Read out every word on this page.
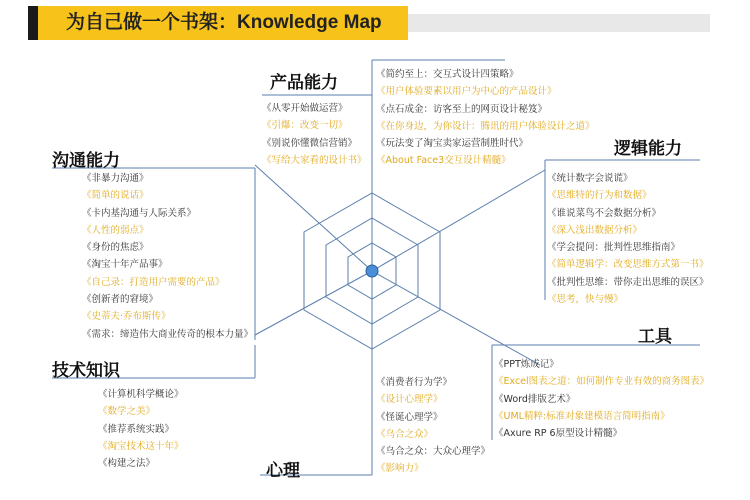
为自己做一个书架：Knowledge Map
产品能力
《从零开始做运营》
《引爆：改变一切》
《别说你懂微信营销》
《写给大家看的设计书》
《简约至上：交互式设计四策略》
《用户体验要素以用户为中心的产品设计》
《点石成金：访客至上的网页设计秘笈》
《在你身边，为你设计：腾讯的用户体验设计之道》
《玩法变了淘宝卖家运营制胜时代》
《About Face3交互设计精髓》
逻辑能力
《统计数字会说谎》
《思维特的行为和数据》
《谁说菜鸟不会数据分析》
《深入浅出数据分析》
《学会提问：批判性思维指南》
《简单逻辑学：改变思维方式第一书》
《批判性思维：带你走出思维的误区》
《思考，快与慢》
沟通能力
《非暴力沟通》
《简单的说话》
《卡内基沟通与人际关系》
《人性的弱点》
《身份的焦虑》
《淘宝十年产品事》
《自己录：打造用户需要的产品》
《创新者的窘境》
《史蒂夫·乔布斯传》
《需求：缔造伟大商业传奇的根本力量》	工具
《PPT炼成记》
《Excel图表之道：如何制作专业有效的商务图表》
《Word排版艺术》
《UML精粹:标准对象建模语言简明指南》
《Axure RP 6原型设计精髓》
技术知识
《计算机科学概论》
《数学之美》
《推荐系统实践》
《淘宝技术这十年》
《构建之法》
《消费者行为学》
《设计心理学》
《怪诞心理学》
《乌合之众》
《乌合之众：大众心理学》
《影响力》
心理
